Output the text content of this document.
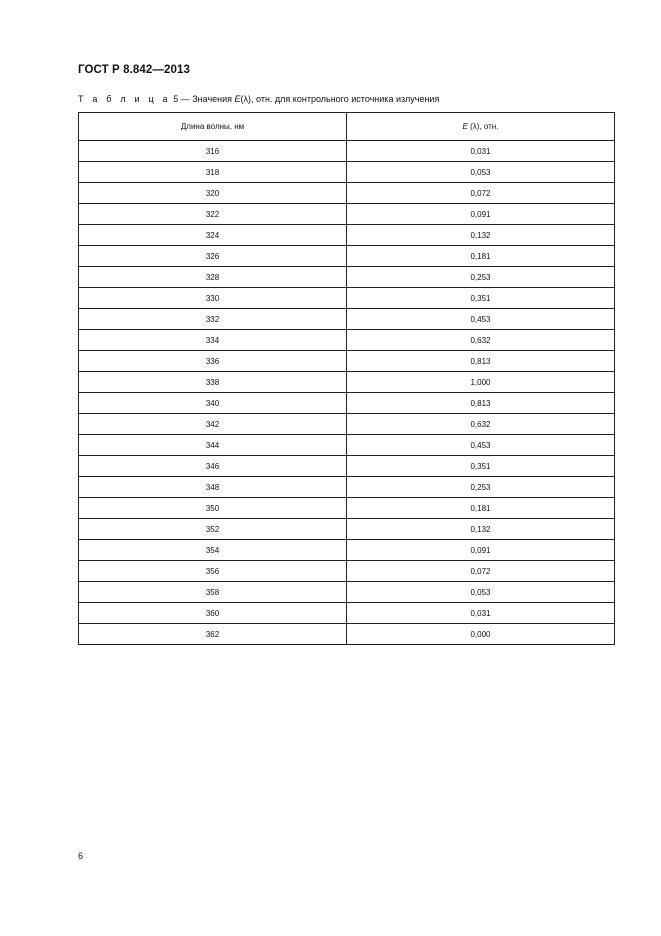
ГОСТ Р 8.842—2013
Т а б л и ц а 5 — Значения E(λ), отн. для контрольного источника излучения
Длина волны, нм	E (λ), отн.
316	0,031
318	0,053
320	0,072
322	0,091
324	0,132
326	0,181
328	0,253
330	0,351
332	0,453
334	0,632
336	0,813
338	1,000
340	0,813
342	0,632
344	0,453
346	0,351
348	0,253
350	0,181
352	0,132
354	0,091
356	0,072
358	0,053
360	0,031
362	0,000
6
